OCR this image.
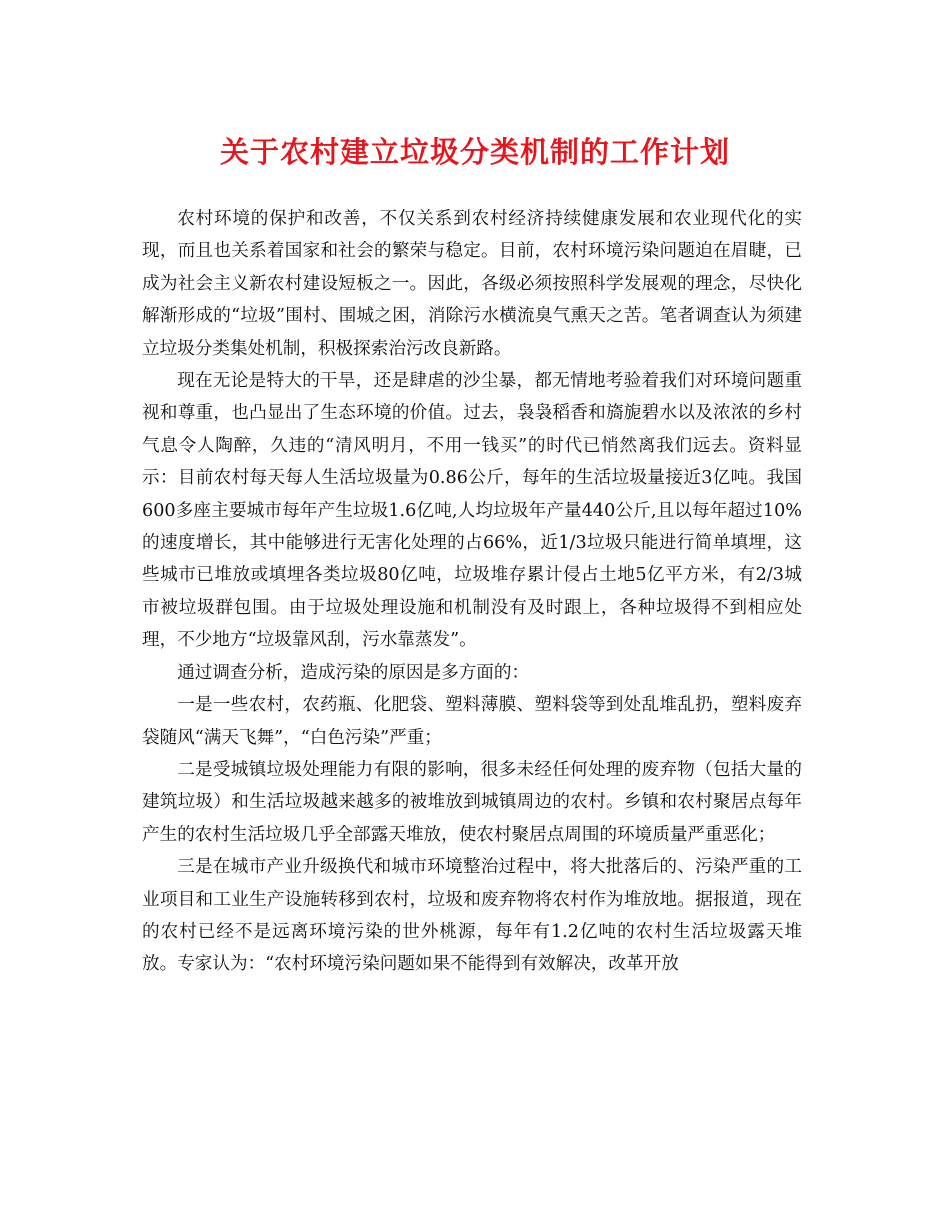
关于农村建立垃圾分类机制的工作计划

农村环境的保护和改善，不仅关系到农村经济持续健康发展和农业现代化的实现，而且也关系着国家和社会的繁荣与稳定。目前，农村环境污染问题迫在眉睫，已成为社会主义新农村建设短板之一。因此，各级必须按照科学发展观的理念，尽快化解渐形成的“垃圾”围村、围城之困，消除污水横流臭气熏天之苦。笔者调查认为须建立垃圾分类集处机制，积极探索治污改良新路。

现在无论是特大的干旱，还是肆虐的沙尘暴，都无情地考验着我们对环境问题重视和尊重，也凸显出了生态环境的价值。过去，袅袅稻香和旖旎碧水以及浓浓的乡村气息令人陶醉，久违的“清风明月，不用一钱买”的时代已悄然离我们远去。资料显示：目前农村每天每人生活垃圾量为0.86公斤，每年的生活垃圾量接近3亿吨。我国600多座主要城市每年产生垃圾1.6亿吨,人均垃圾年产量440公斤,且以每年超过10%的速度增长，其中能够进行无害化处理的占66%，近1/3垃圾只能进行简单填埋，这些城市已堆放或填埋各类垃圾80亿吨，垃圾堆存累计侵占土地5亿平方米，有2/3城市被垃圾群包围。由于垃圾处理设施和机制没有及时跟上，各种垃圾得不到相应处理，不少地方“垃圾靠风刮，污水靠蒸发”。

通过调查分析，造成污染的原因是多方面的：

一是一些农村，农药瓶、化肥袋、塑料薄膜、塑料袋等到处乱堆乱扔，塑料废弃袋随风“满天飞舞”，“白色污染”严重；

二是受城镇垃圾处理能力有限的影响，很多未经任何处理的废弃物（包括大量的建筑垃圾）和生活垃圾越来越多的被堆放到城镇周边的农村。乡镇和农村聚居点每年产生的农村生活垃圾几乎全部露天堆放，使农村聚居点周围的环境质量严重恶化；

三是在城市产业升级换代和城市环境整治过程中，将大批落后的、污染严重的工业项目和工业生产设施转移到农村，垃圾和废弃物将农村作为堆放地。据报道，现在的农村已经不是远离环境污染的世外桃源，每年有1.2亿吨的农村生活垃圾露天堆放。专家认为：“农村环境污染问题如果不能得到有效解决，改革开放
